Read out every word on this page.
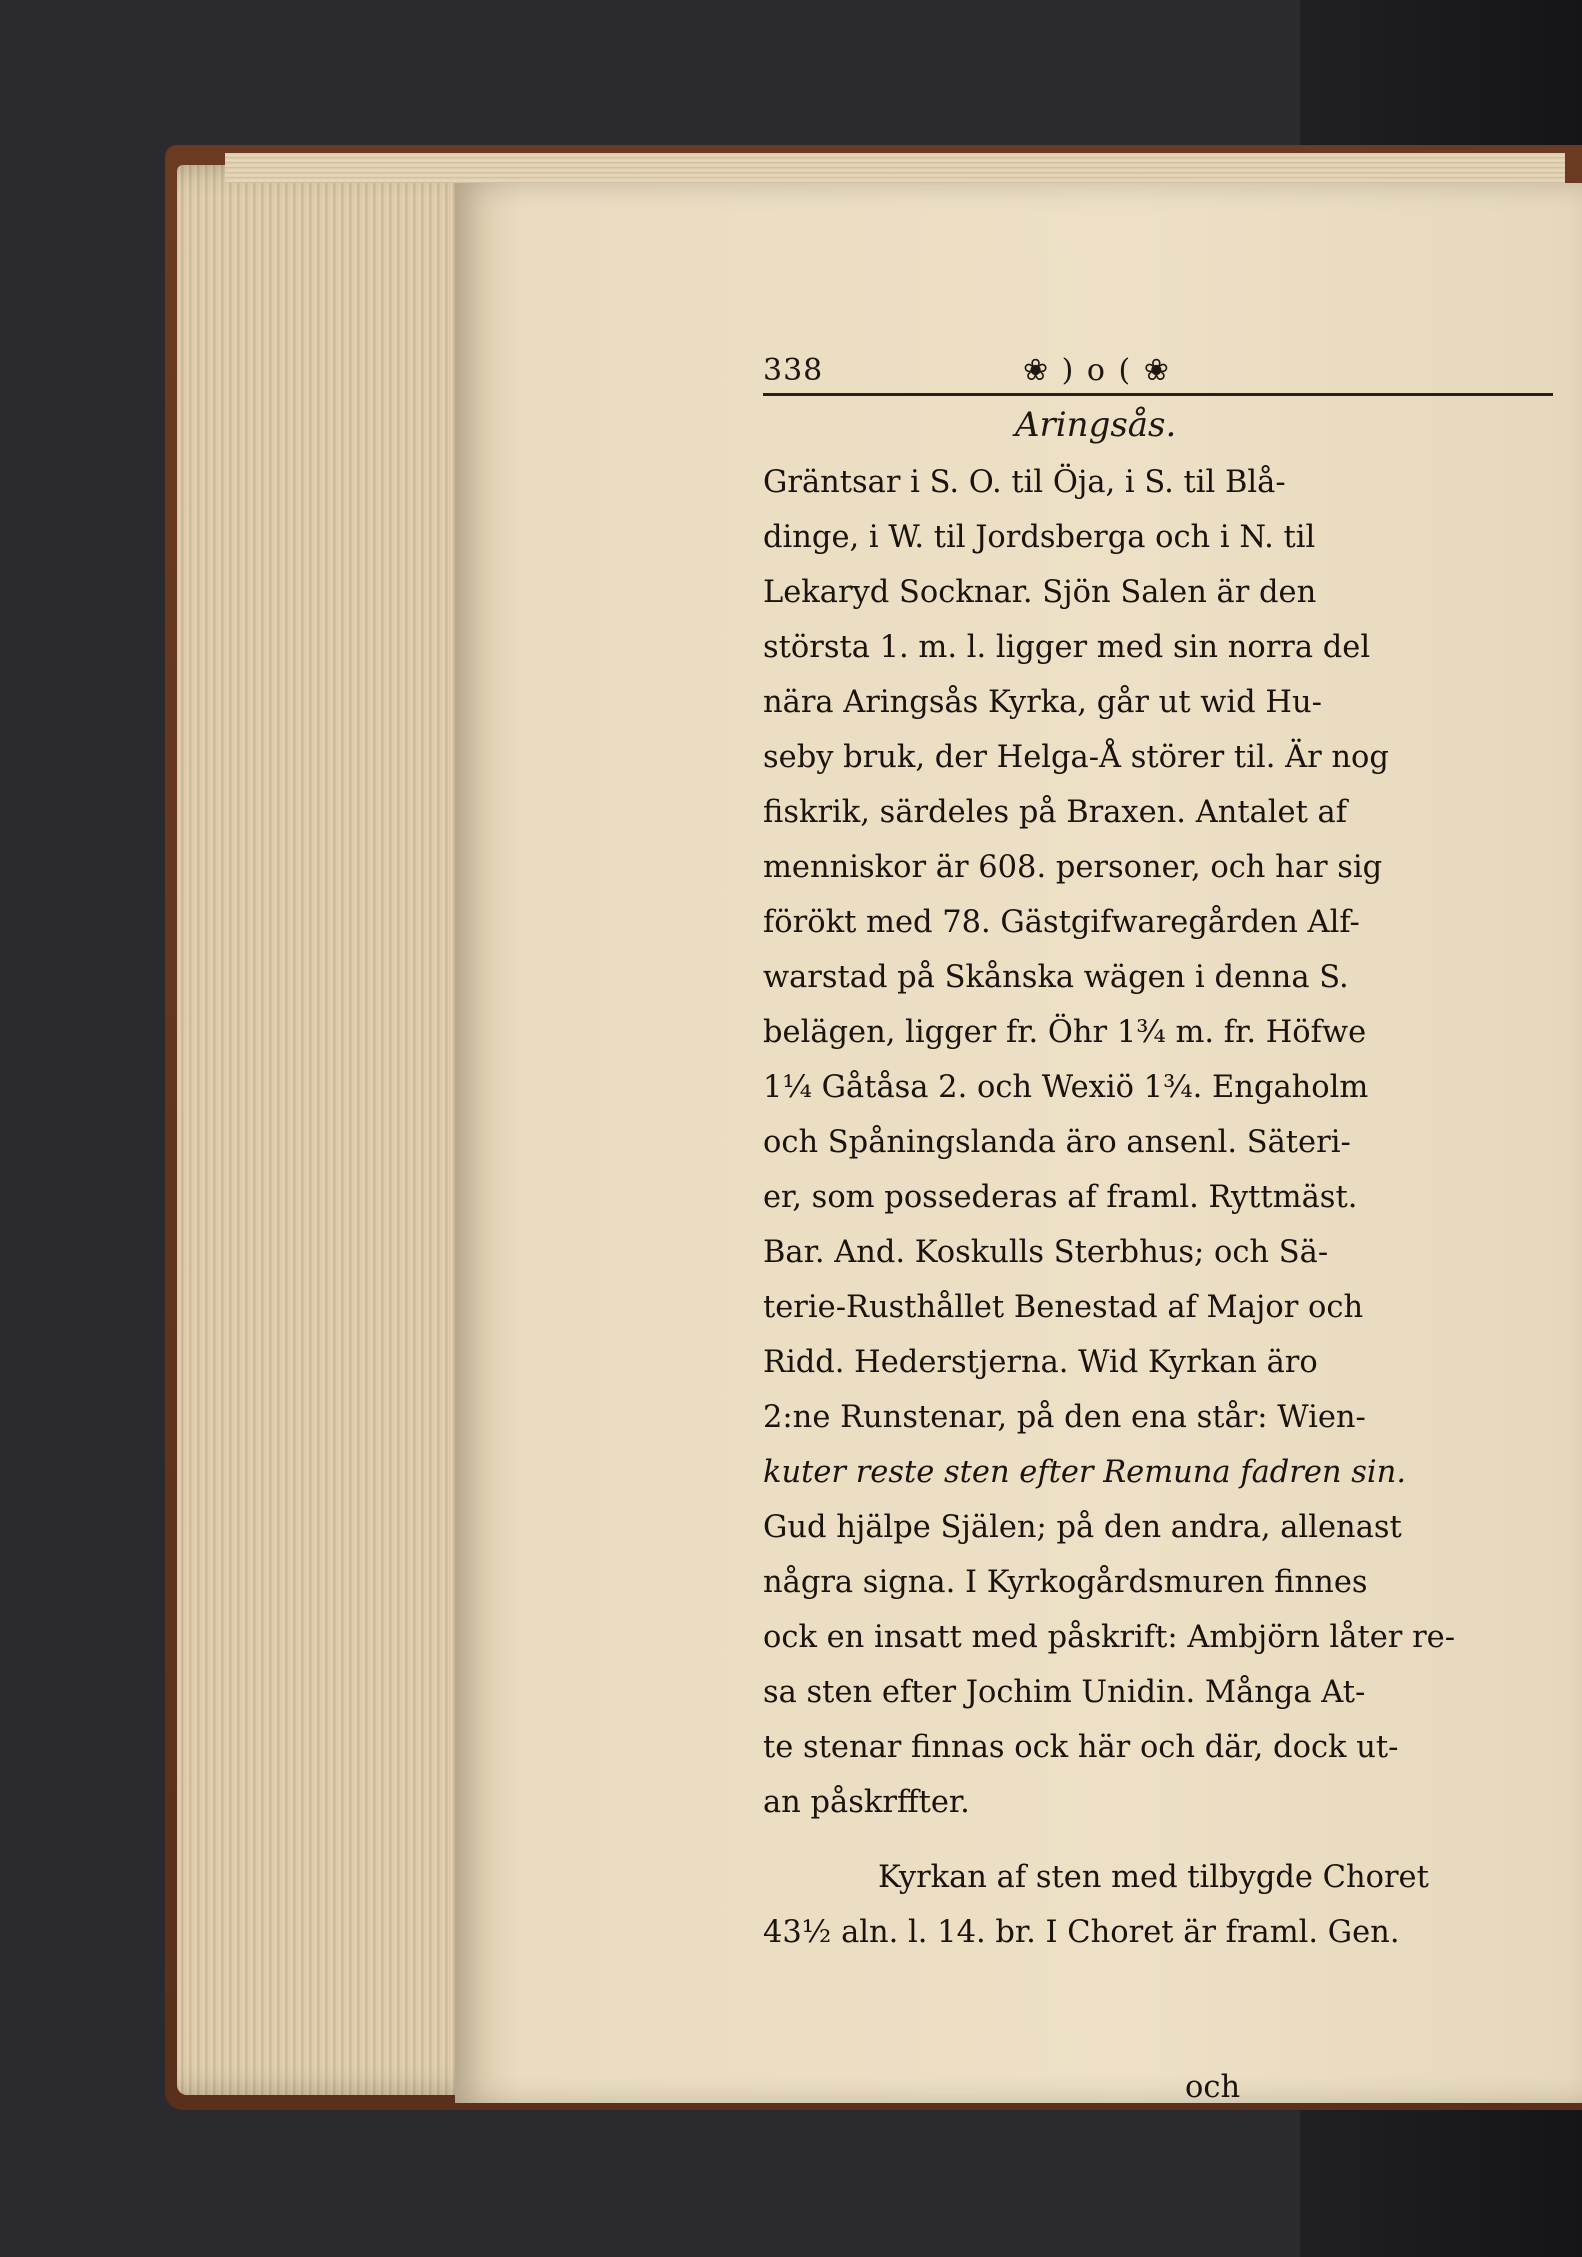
338	❀ ) o ( ❀
Aringsås.
Gräntsar i S. O. til Öja, i S. til Blå-
dinge, i W. til Jordsberga och i N. til
Lekaryd Socknar. Sjön Salen är den
största 1. m. l. ligger med sin norra del
nära Aringsås Kyrka, går ut wid Hu-
seby bruk, der Helga-Å störer til. Är nog
fiskrik, särdeles på Braxen. Antalet af
menniskor är 608. personer, och har sig
förökt med 78. Gästgifwaregården Alf-
warstad på Skånska wägen i denna S.
belägen, ligger fr. Öhr 1¾ m. fr. Höfwe
1¼ Gåtåsa 2. och Wexiö 1¾. Engaholm
och Spåningslanda äro ansenl. Säteri-
er, som possederas af framl. Ryttmäst.
Bar. And. Koskulls Sterbhus; och Sä-
terie-Rusthållet Benestad af Major och
Ridd. Hederstjerna. Wid Kyrkan äro
2:ne Runstenar, på den ena står: Wien-
kuter reste sten efter Remuna fadren sin.
Gud hjälpe Själen; på den andra, allenast
några signa. I Kyrkogårdsmuren finnes
ock en insatt med påskrift: Ambjörn låter re-
sa sten efter Jochim Unidin. Många At-
te stenar finnas ock här och där, dock ut-
an påskrffter.
Kyrkan af sten med tilbygde Choret
43½ aln. l. 14. br. I Choret är framl. Gen.
och
